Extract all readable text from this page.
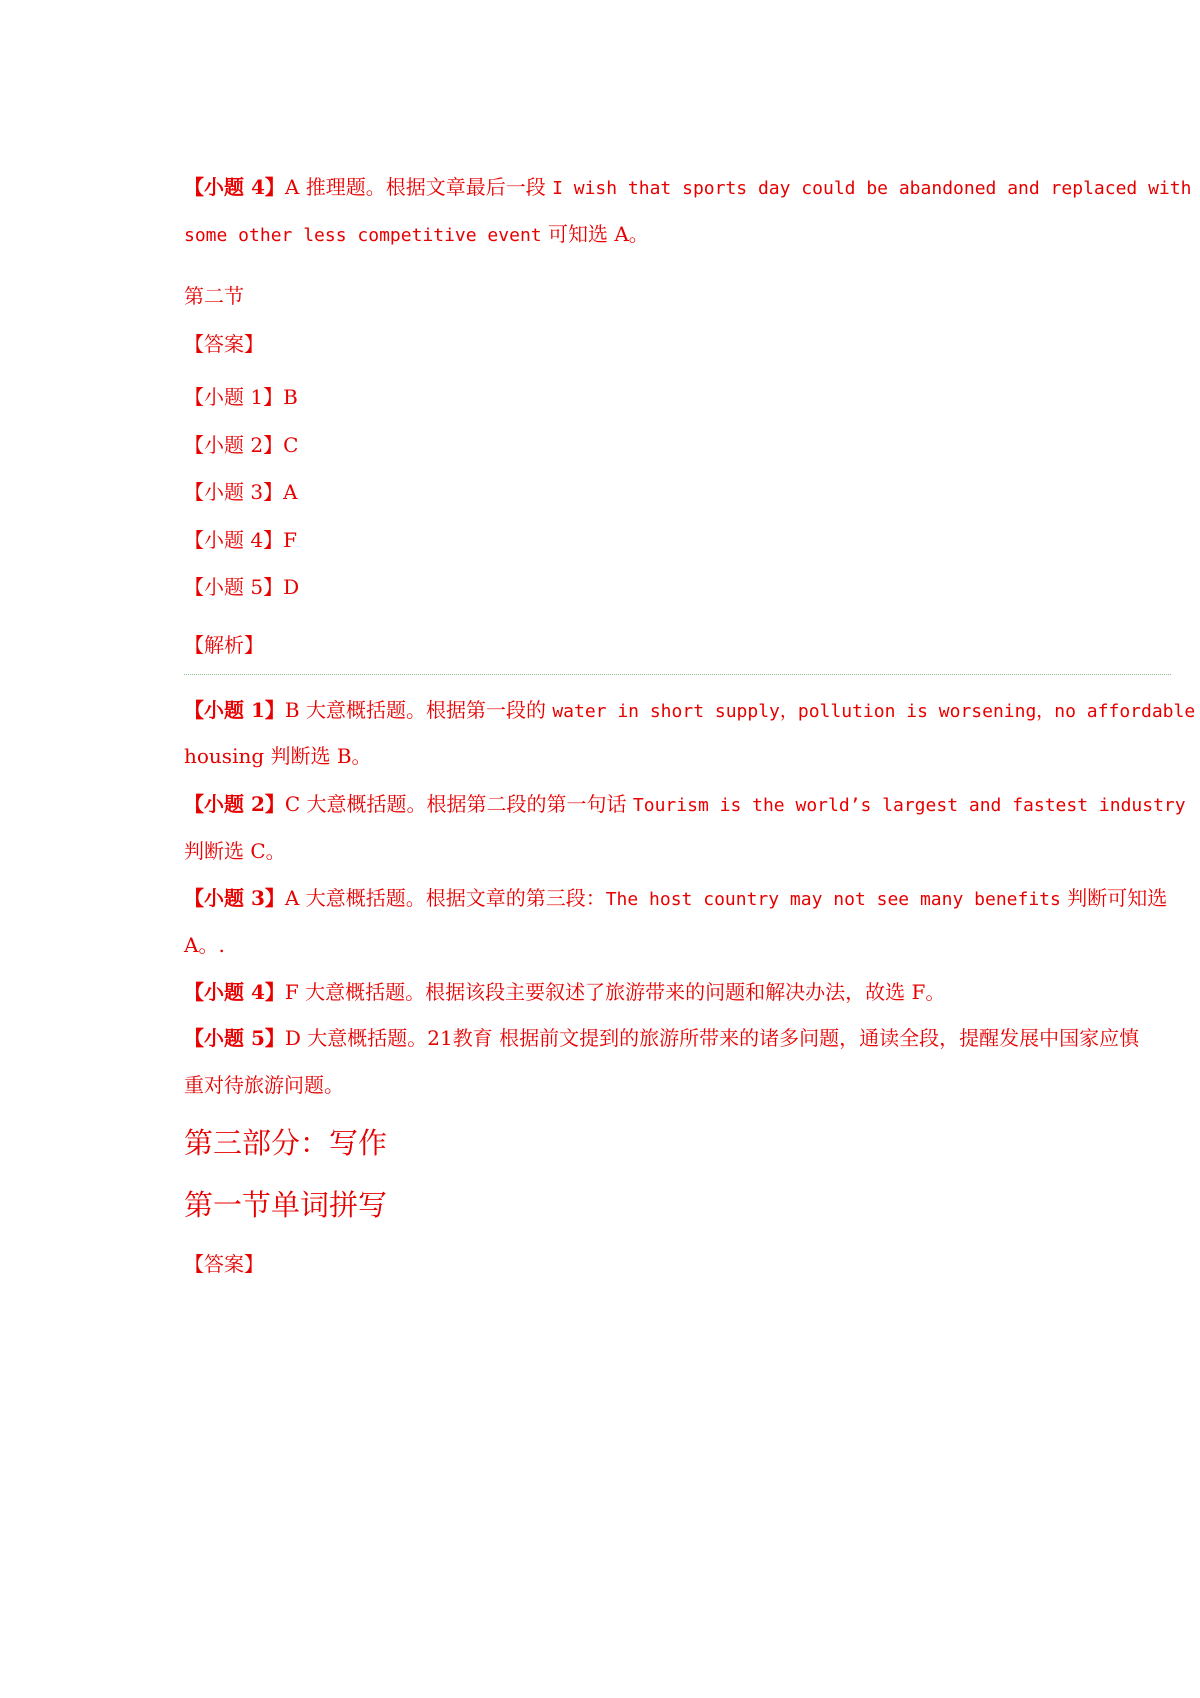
【小题 4】A 推理题。根据文章最后一段 I wish that sports day could be abandoned and replaced with
some other less competitive event 可知选 A。
第二节
【答案】
【小题 1】B
【小题 2】C
【小题 3】A
【小题 4】F
【小题 5】D
【解析】
【小题 1】B 大意概括题。根据第一段的 water in short supply，pollution is worsening，no affordable
housing 判断选 B。
【小题 2】C 大意概括题。根据第二段的第一句话 Tourism is the world’s largest and fastest industry
判断选 C。
【小题 3】A 大意概括题。根据文章的第三段：The host country may not see many benefits 判断可知选
A。.
【小题 4】F 大意概括题。根据该段主要叙述了旅游带来的问题和解决办法，故选 F。
【小题 5】D 大意概括题。21教育 根据前文提到的旅游所带来的诸多问题，通读全段，提醒发展中国家应慎
重对待旅游问题。
第三部分：写作
第一节单词拼写
【答案】
